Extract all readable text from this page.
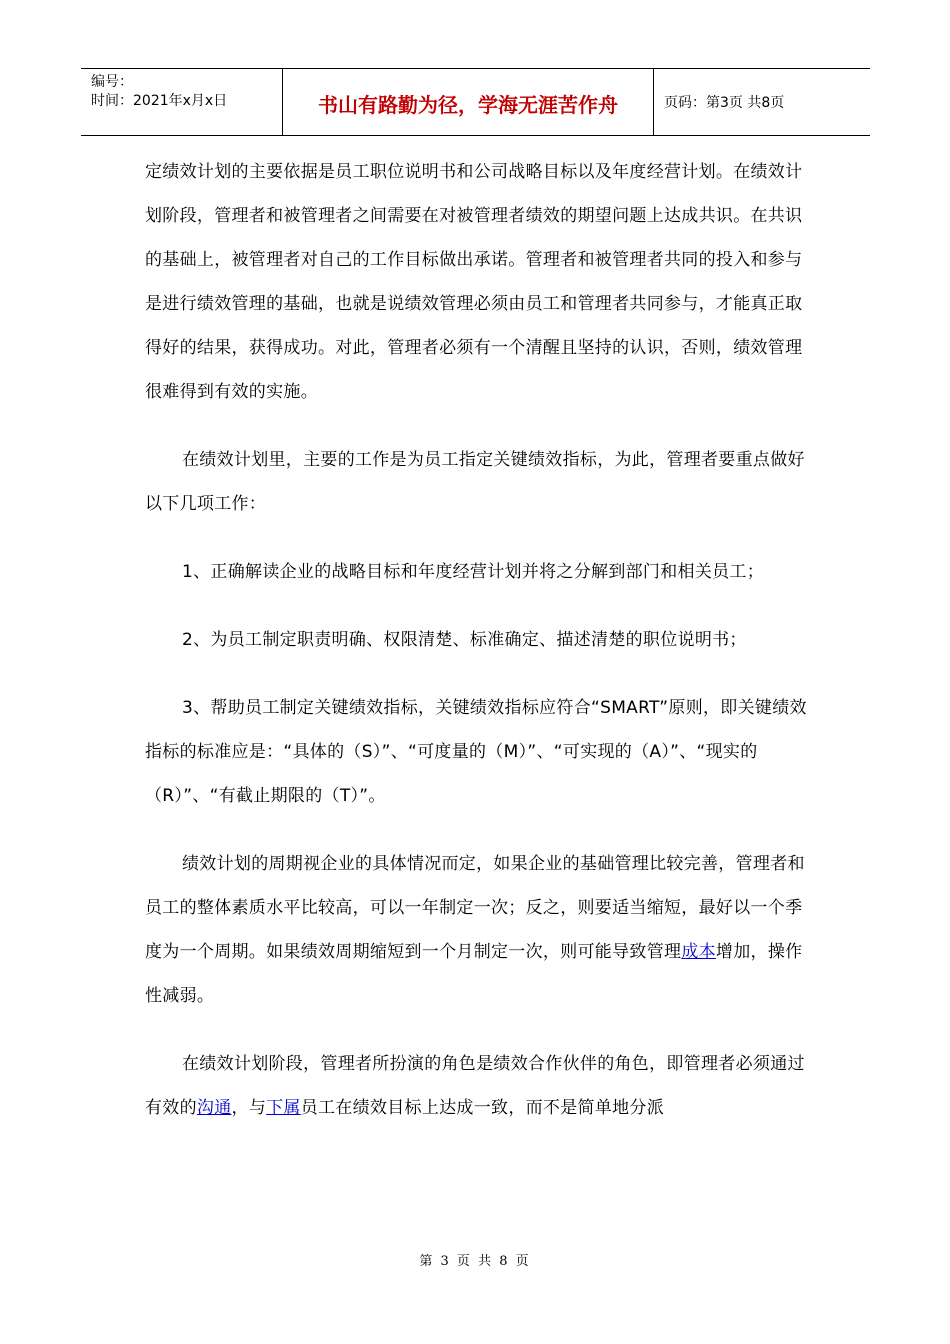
编号：
时间：2021年x月x日	书山有路勤为径，学海无涯苦作舟	页码：第3页 共8页

定绩效计划的主要依据是员工职位说明书和公司战略目标以及年度经营计划。在绩效计划阶段，管理者和被管理者之间需要在对被管理者绩效的期望问题上达成共识。在共识的基础上，被管理者对自己的工作目标做出承诺。管理者和被管理者共同的投入和参与是进行绩效管理的基础，也就是说绩效管理必须由员工和管理者共同参与，才能真正取得好的结果，获得成功。对此，管理者必须有一个清醒且坚持的认识，否则，绩效管理很难得到有效的实施。

在绩效计划里，主要的工作是为员工指定关键绩效指标，为此，管理者要重点做好以下几项工作：

1、正确解读企业的战略目标和年度经营计划并将之分解到部门和相关员工；

2、为员工制定职责明确、权限清楚、标准确定、描述清楚的职位说明书；

3、帮助员工制定关键绩效指标，关键绩效指标应符合“SMART”原则，即关键绩效指标的标准应是：“具体的（S）”、“可度量的（M）”、“可实现的（A）”、“现实的（R）”、“有截止期限的（T）”。

绩效计划的周期视企业的具体情况而定，如果企业的基础管理比较完善，管理者和员工的整体素质水平比较高，可以一年制定一次；反之，则要适当缩短，最好以一个季度为一个周期。如果绩效周期缩短到一个月制定一次，则可能导致管理成本增加，操作性减弱。

在绩效计划阶段，管理者所扮演的角色是绩效合作伙伴的角色，即管理者必须通过有效的沟通，与下属员工在绩效目标上达成一致，而不是简单地分派

第 3 页 共 8 页
